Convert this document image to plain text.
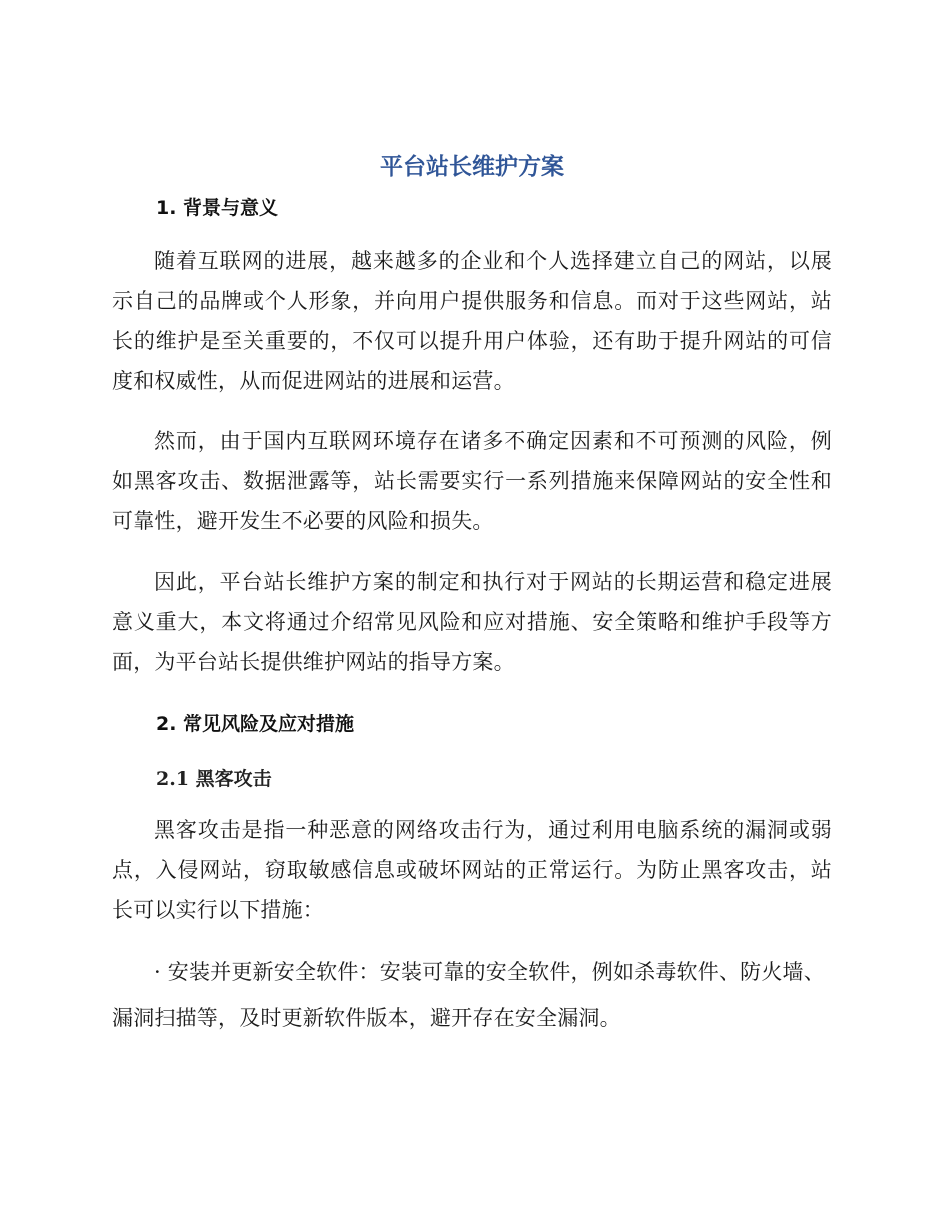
平台站长维护方案
1. 背景与意义

随着互联网的进展，越来越多的企业和个人选择建立自己的网站，以展示自己的品牌或个人形象，并向用户提供服务和信息。而对于这些网站，站长的维护是至关重要的，不仅可以提升用户体验，还有助于提升网站的可信度和权威性，从而促进网站的进展和运营。

然而，由于国内互联网环境存在诸多不确定因素和不可预测的风险，例如黑客攻击、数据泄露等，站长需要实行一系列措施来保障网站的安全性和可靠性，避开发生不必要的风险和损失。

因此，平台站长维护方案的制定和执行对于网站的长期运营和稳定进展意义重大，本文将通过介绍常见风险和应对措施、安全策略和维护手段等方面，为平台站长提供维护网站的指导方案。

2. 常见风险及应对措施
2.1 黑客攻击

黑客攻击是指一种恶意的网络攻击行为，通过利用电脑系统的漏洞或弱点，入侵网站，窃取敏感信息或破坏网站的正常运行。为防止黑客攻击，站长可以实行以下措施：

· 安装并更新安全软件：安装可靠的安全软件，例如杀毒软件、防火墙、漏洞扫描等，及时更新软件版本，避开存在安全漏洞。
